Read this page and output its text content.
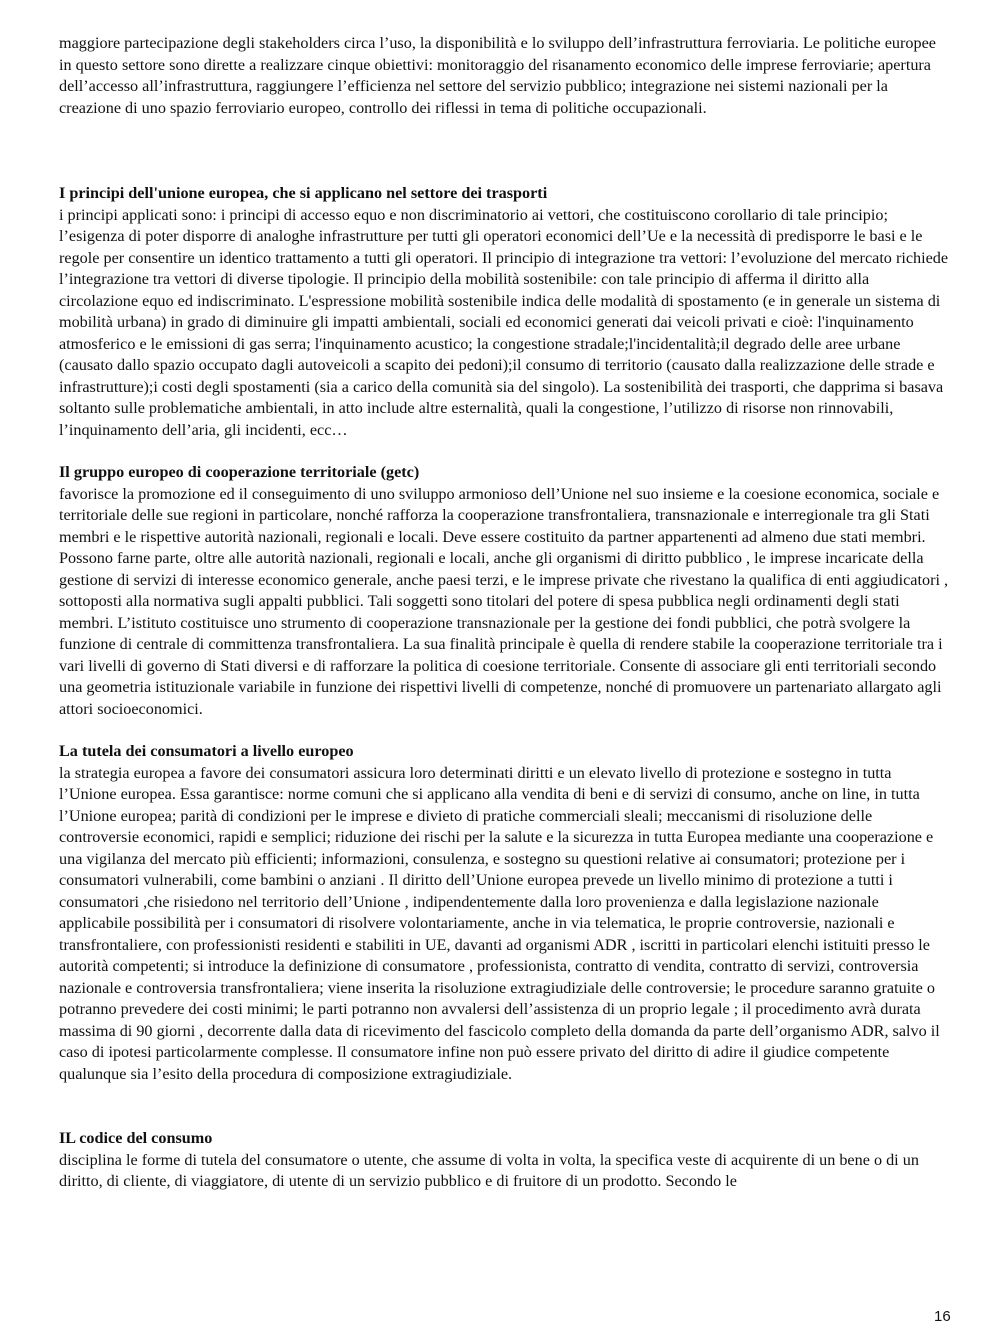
maggiore partecipazione degli stakeholders circa l’uso, la disponibilità e lo sviluppo dell’infrastruttura ferroviaria. Le politiche europee in questo settore sono dirette a realizzare cinque obiettivi: monitoraggio del risanamento economico delle imprese ferroviarie; apertura dell’accesso all’infrastruttura, raggiungere l’efficienza nel settore del servizio pubblico; integrazione nei sistemi nazionali per la creazione di uno spazio ferroviario europeo, controllo dei riflessi in tema di politiche occupazionali.

I principi dell'unione europea, che si applicano nel settore dei trasporti

i principi applicati sono: i principi di accesso equo e non discriminatorio ai vettori, che costituiscono corollario di tale principio; l’esigenza di poter disporre di analoghe infrastrutture per tutti gli operatori economici dell’Ue e la necessità di predisporre le basi e le regole per consentire un identico trattamento a tutti gli operatori. Il principio di integrazione tra vettori: l’evoluzione del mercato richiede l’integrazione tra vettori di diverse tipologie. Il principio della mobilità sostenibile: con tale principio di afferma il diritto alla circolazione equo ed indiscriminato. L'espressione mobilità sostenibile indica delle modalità di spostamento (e in generale un sistema di mobilità urbana) in grado di diminuire gli impatti ambientali, sociali ed economici generati dai veicoli privati e cioè: l'inquinamento atmosferico e le emissioni di gas serra; l'inquinamento acustico; la congestione stradale;l'incidentalità;il degrado delle aree urbane (causato dallo spazio occupato dagli autoveicoli a scapito dei pedoni);il consumo di territorio (causato dalla realizzazione delle strade e infrastrutture);i costi degli spostamenti (sia a carico della comunità sia del singolo). La sostenibilità dei trasporti, che dapprima si basava soltanto sulle problematiche ambientali, in atto include altre esternalità, quali la congestione, l’utilizzo di risorse non rinnovabili, l’inquinamento dell’aria, gli incidenti, ecc…

Il gruppo europeo di cooperazione territoriale (getc)

favorisce la promozione ed il conseguimento di uno sviluppo armonioso dell’Unione nel suo insieme e la coesione economica, sociale e territoriale delle sue regioni in particolare, nonché rafforza la cooperazione transfrontaliera, transnazionale e interregionale tra gli Stati membri e le rispettive autorità nazionali, regionali e locali. Deve essere costituito da partner appartenenti ad almeno due stati membri. Possono farne parte, oltre alle autorità nazionali, regionali e locali, anche gli organismi di diritto pubblico , le imprese incaricate della gestione di servizi di interesse economico generale, anche paesi terzi, e le imprese private che rivestano la qualifica di enti aggiudicatori , sottoposti alla normativa sugli appalti pubblici. Tali soggetti sono titolari del potere di spesa pubblica negli ordinamenti degli stati membri. L’istituto costituisce uno strumento di cooperazione transnazionale per la gestione dei fondi pubblici, che potrà svolgere la funzione di centrale di committenza transfrontaliera. La sua finalità principale è quella di rendere stabile la cooperazione territoriale tra i vari livelli di governo di Stati diversi e di rafforzare la politica di coesione territoriale. Consente di associare gli enti territoriali secondo una geometria istituzionale variabile in funzione dei rispettivi livelli di competenze, nonché di promuovere un partenariato allargato agli attori socioeconomici.

La tutela dei consumatori a livello europeo

la strategia europea a favore dei consumatori assicura loro determinati diritti e un elevato livello di protezione e sostegno in tutta l’Unione europea. Essa garantisce: norme comuni che si applicano alla vendita di beni e di servizi di consumo, anche on line, in tutta l’Unione europea; parità di condizioni per le imprese e divieto di pratiche commerciali sleali; meccanismi di risoluzione delle controversie economici, rapidi e semplici; riduzione dei rischi per la salute e la sicurezza in tutta Europea mediante una cooperazione e una vigilanza del mercato più efficienti; informazioni, consulenza, e sostegno su questioni relative ai consumatori; protezione per i consumatori vulnerabili, come bambini o anziani . Il diritto dell’Unione europea prevede un livello minimo di protezione a tutti i consumatori ,che risiedono nel territorio dell’Unione , indipendentemente dalla loro provenienza e dalla legislazione nazionale applicabile possibilità per i consumatori di risolvere volontariamente, anche in via telematica, le proprie controversie, nazionali e transfrontaliere, con professionisti residenti e stabiliti in UE, davanti ad organismi ADR , iscritti in particolari elenchi istituiti presso le autorità competenti; si introduce la definizione di consumatore , professionista, contratto di vendita, contratto di servizi, controversia nazionale e controversia transfrontaliera; viene inserita la risoluzione extragiudiziale delle controversie; le procedure saranno gratuite o potranno prevedere dei costi minimi; le parti potranno non avvalersi dell’assistenza di un proprio legale ; il procedimento avrà durata massima di 90 giorni , decorrente dalla data di ricevimento del fascicolo completo della domanda da parte dell’organismo ADR, salvo il caso di ipotesi particolarmente complesse. Il consumatore infine non può essere privato del diritto di adire il giudice competente qualunque sia l’esito della procedura di composizione extragiudiziale.

IL codice del consumo

disciplina le forme di tutela del consumatore o utente, che assume di volta in volta, la specifica veste di acquirente di un bene o di un diritto, di cliente, di viaggiatore, di utente di un servizio pubblico e di fruitore di un prodotto. Secondo le

16
